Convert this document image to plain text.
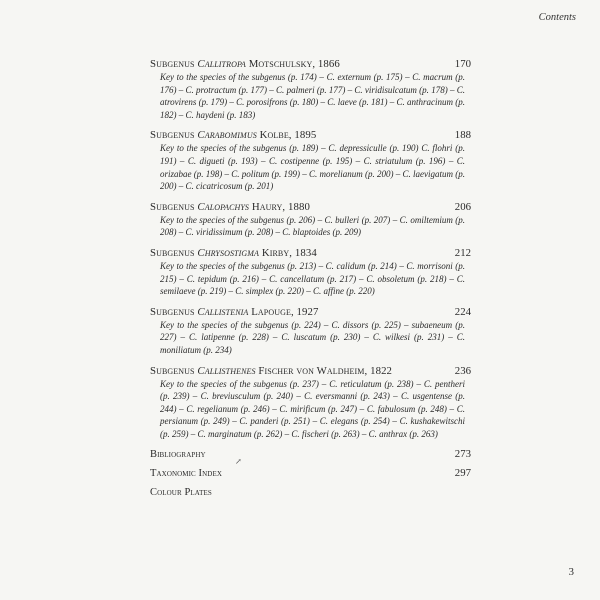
Contents
Subgenus Callitropa Motschulsky, 1866	170
Key to the species of the subgenus (p. 174) – C. externum (p. 175) – C. macrum (p. 176) – C. protractum (p. 177) – C. palmeri (p. 177) – C. viridisulcatum (p. 178) – C. atrovirens (p. 179) – C. porosifrons (p. 180) – C. laeve (p. 181) – C. anthracinum (p. 182) – C. haydeni (p. 183)
Subgenus Carabomimus Kolbe, 1895	188
Key to the species of the subgenus (p. 189) – C. depressiculle (p. 190) C. flohri (p. 191) – C. digueti (p. 193) – C. costipenne (p. 195) – C. striatulum (p. 196) – C. orizabae (p. 198) – C. politum (p. 199) – C. morelianum (p. 200) – C. laevigatum (p. 200) – C. cicatricosum (p. 201)
Subgenus Calopachys Haury, 1880	206
Key to the species of the subgenus (p. 206) – C. bulleri (p. 207) – C. omiltemium (p. 208) – C. viridissimum (p. 208) – C. blaptoides (p. 209)
Subgenus Chrysostigma Kirby, 1834	212
Key to the species of the subgenus (p. 213) – C. calidum (p. 214) – C. morrisoni (p. 215) – C. tepidum (p. 216) – C. cancellatum (p. 217) – C. obsoletum (p. 218) – C. semilaeve (p. 219) – C. simplex (p. 220) – C. affine (p. 220)
Subgenus Callistenia Lapouge, 1927	224
Key to the species of the subgenus (p. 224) – C. dissors (p. 225) – subaeneum (p. 227) – C. latipenne (p. 228) – C. luscatum (p. 230) – C. wilkesi (p. 231) – C. moniliatum (p. 234)
Subgenus Callisthenes Fischer von Waldheim, 1822	236
Key to the species of the subgenus (p. 237) – C. reticulatum (p. 238) – C. pentheri (p. 239) – C. breviusculum (p. 240) – C. eversmanni (p. 243) – C. usgentense (p. 244) – C. regelianum (p. 246) – C. mirificum (p. 247) – C. fabulosum (p. 248) – C. persianum (p. 249) – C. panderi (p. 251) – C. elegans (p. 254) – C. kushakewitschi (p. 259) – C. marginatum (p. 262) – C. fischeri (p. 263) – C. anthrax (p. 263)
Bibliography	273
Taxonomic Index	297
Colour Plates
↗
3
